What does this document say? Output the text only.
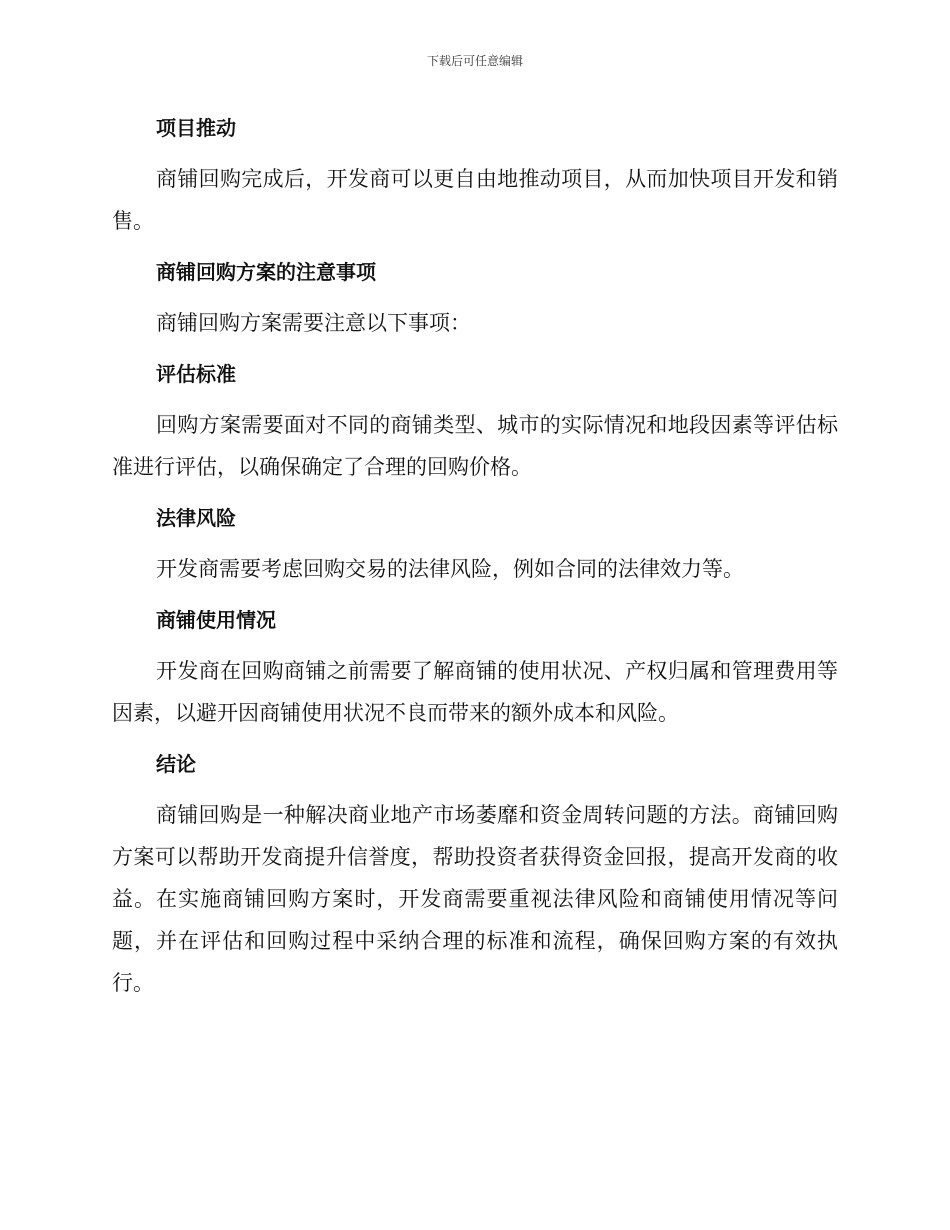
下载后可任意编辑
项目推动

商铺回购完成后，开发商可以更自由地推动项目，从而加快项目开发和销售。

商铺回购方案的注意事项

商铺回购方案需要注意以下事项：

评估标准

回购方案需要面对不同的商铺类型、城市的实际情况和地段因素等评估标准进行评估，以确保确定了合理的回购价格。

法律风险

开发商需要考虑回购交易的法律风险，例如合同的法律效力等。

商铺使用情况

开发商在回购商铺之前需要了解商铺的使用状况、产权归属和管理费用等因素，以避开因商铺使用状况不良而带来的额外成本和风险。

结论

商铺回购是一种解决商业地产市场萎靡和资金周转问题的方法。商铺回购方案可以帮助开发商提升信誉度，帮助投资者获得资金回报，提高开发商的收益。在实施商铺回购方案时，开发商需要重视法律风险和商铺使用情况等问题，并在评估和回购过程中采纳合理的标准和流程，确保回购方案的有效执行。
